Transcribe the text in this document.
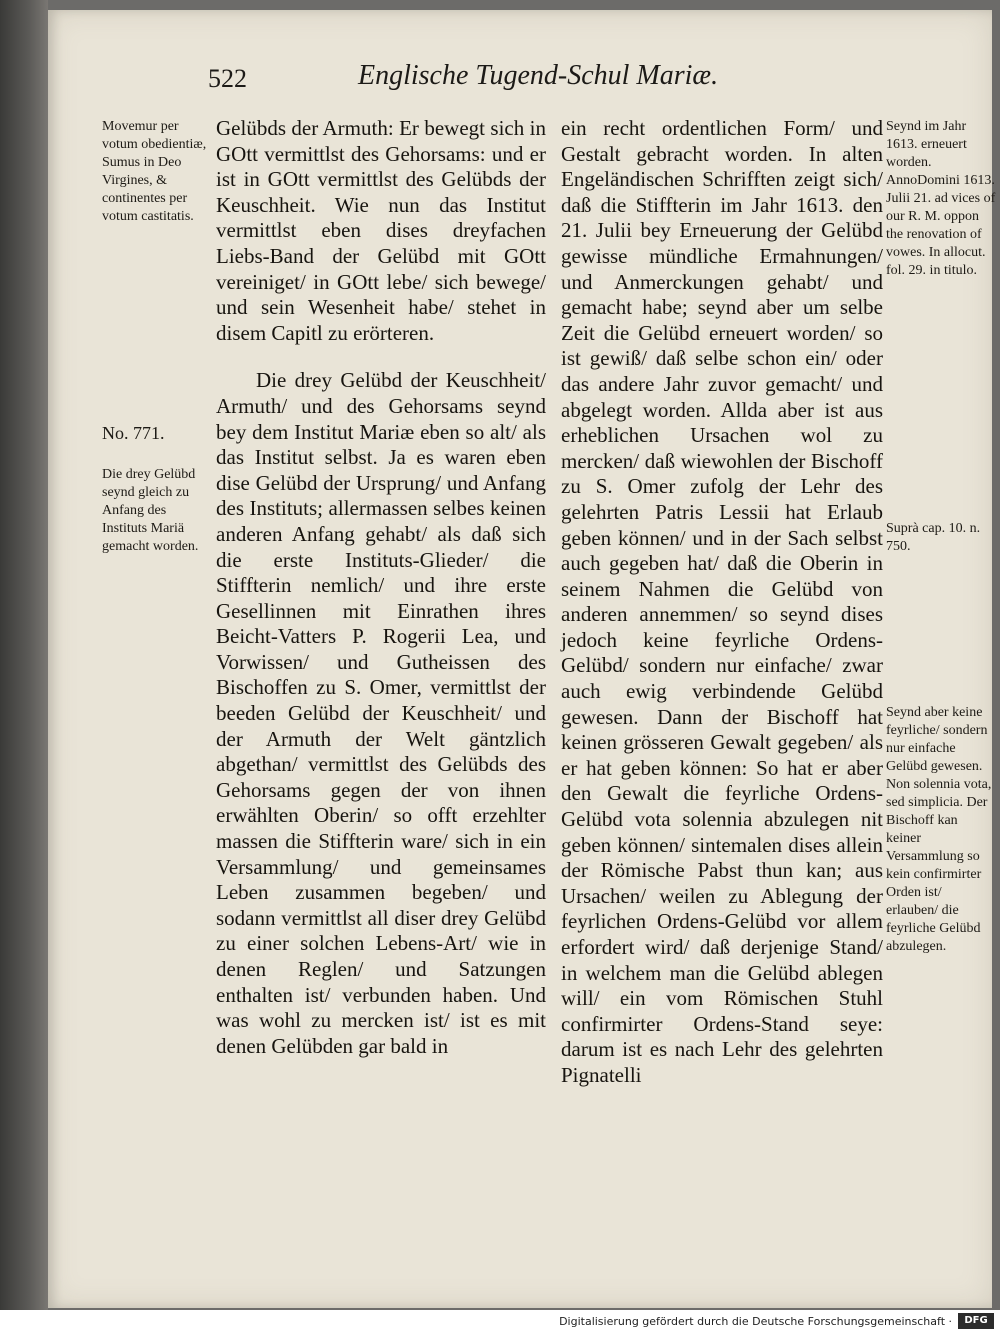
522	Englische Tugend-Schul Mariæ.
Movemur per votum obedientiæ, Sumus in Deo Virgines, & continentes per votum castitatis.
No. 771.
Die drey Gelübd seynd gleich zu Anfang des Instituts Mariä gemacht worden.

Gelübds der Armuth: Er bewegt sich in GOtt vermittlst des Gehorsams: und er ist in GOtt vermittlst des Gelübds der Keuschheit. Wie nun das Institut vermittlst eben dises dreyfachen Liebs-Band der Gelübd mit GOtt vereiniget/ in GOtt lebe/ sich bewege/ und sein Wesenheit habe/ stehet in disem Capitl zu erörteren.

Die drey Gelübd der Keuschheit/ Armuth/ und des Gehorsams seynd bey dem Institut Mariæ eben so alt/ als das Institut selbst. Ja es waren eben dise Gelübd der Ursprung/ und Anfang des Instituts; allermassen selbes keinen anderen Anfang gehabt/ als daß sich die erste Instituts-Glieder/ die Stiffterin nemlich/ und ihre erste Gesellinnen mit Einrathen ihres Beicht-Vatters P. Rogerii Lea, und Vorwissen/ und Gutheissen des Bischoffen zu S. Omer, vermittlst der beeden Gelübd der Keuschheit/ und der Armuth der Welt gäntzlich abgethan/ vermittlst des Gelübds des Gehorsams gegen der von ihnen erwählten Oberin/ so offt erzehlter massen die Stiffterin ware/ sich in ein Versammlung/ und gemeinsames Leben zusammen begeben/ und sodann vermittlst all diser drey Gelübd zu einer solchen Lebens-Art/ wie in denen Reglen/ und Satzungen enthalten ist/ verbunden haben. Und was wohl zu mercken ist/ ist es mit denen Gelübden gar bald in

ein recht ordentlichen Form/ und Gestalt gebracht worden. In alten Engeländischen Schrifften zeigt sich/ daß die Stiffterin im Jahr 1613. den 21. Julii bey Erneuerung der Gelübd gewisse mündliche Ermahnungen/ und Anmerckungen gehabt/ und gemacht habe; seynd aber um selbe Zeit die Gelübd erneuert worden/ so ist gewiß/ daß selbe schon ein/ oder das andere Jahr zuvor gemacht/ und abgelegt worden. Allda aber ist aus erheblichen Ursachen wol zu mercken/ daß wiewohlen der Bischoff zu S. Omer zufolg der Lehr des gelehrten Patris Lessii hat Erlaub geben können/ und in der Sach selbst auch gegeben hat/ daß die Oberin in seinem Nahmen die Gelübd von anderen annemmen/ so seynd dises jedoch keine feyrliche Ordens-Gelübd/ sondern nur einfache/ zwar auch ewig verbindende Gelübd gewesen. Dann der Bischoff hat keinen grösseren Gewalt gegeben/ als er hat geben können: So hat er aber den Gewalt die feyrliche Ordens-Gelübd vota solennia abzulegen nit geben können/ sintemalen dises allein der Römische Pabst thun kan; aus Ursachen/ weilen zu Ablegung der feyrlichen Ordens-Gelübd vor allem erfordert wird/ daß derjenige Stand/ in welchem man die Gelübd ablegen will/ ein vom Römischen Stuhl confirmirter Ordens-Stand seye: darum ist es nach Lehr des gelehrten Pignatelli

Seynd im Jahr 1613. erneuert worden. AnnoDomini 1613. Julii 21. ad vices of our R. M. oppon the renovation of vowes. In allocut. fol. 29. in titulo.
Suprà cap. 10. n. 750.
Seynd aber keine feyrliche/ sondern nur einfache Gelübd gewesen. Non solennia vota, sed simplicia. Der Bischoff kan keiner Versammlung so kein confirmirter Orden ist/ erlauben/ die feyrliche Gelübd abzulegen.
Digitalisierung gefördert durch die Deutsche Forschungsgemeinschaft ·	DFG
